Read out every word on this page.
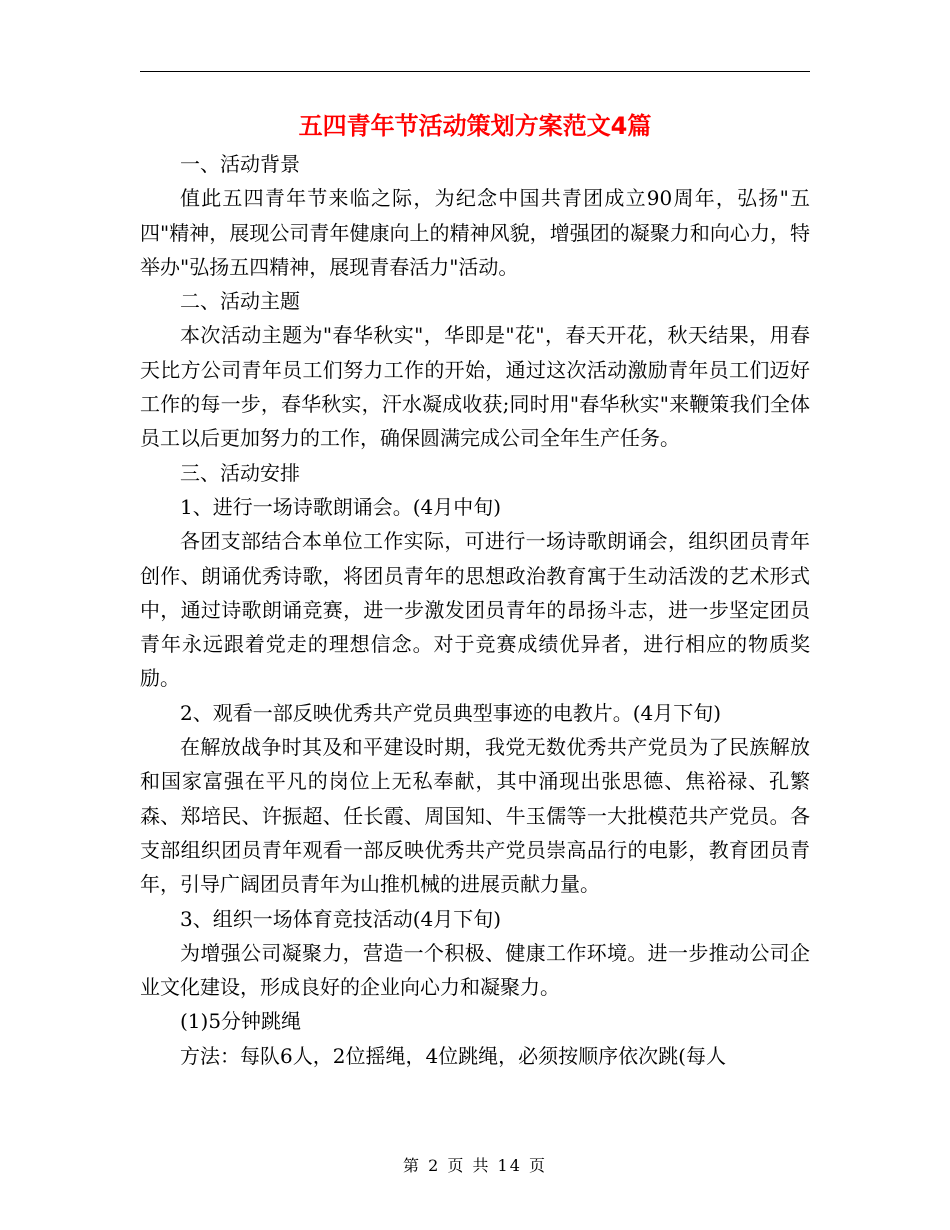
五四青年节活动策划方案范文4篇

一、活动背景

值此五四青年节来临之际，为纪念中国共青团成立90周年，弘扬"五四"精神，展现公司青年健康向上的精神风貌，增强团的凝聚力和向心力，特举办"弘扬五四精神，展现青春活力"活动。

二、活动主题

本次活动主题为"春华秋实"，华即是"花"，春天开花，秋天结果，用春天比方公司青年员工们努力工作的开始，通过这次活动激励青年员工们迈好工作的每一步，春华秋实，汗水凝成收获;同时用"春华秋实"来鞭策我们全体员工以后更加努力的工作，确保圆满完成公司全年生产任务。

三、活动安排

1、进行一场诗歌朗诵会。(4月中旬)

各团支部结合本单位工作实际，可进行一场诗歌朗诵会，组织团员青年创作、朗诵优秀诗歌，将团员青年的思想政治教育寓于生动活泼的艺术形式中，通过诗歌朗诵竞赛，进一步激发团员青年的昂扬斗志，进一步坚定团员青年永远跟着党走的理想信念。对于竞赛成绩优异者，进行相应的物质奖励。

2、观看一部反映优秀共产党员典型事迹的电教片。(4月下旬)

在解放战争时其及和平建设时期，我党无数优秀共产党员为了民族解放和国家富强在平凡的岗位上无私奉献，其中涌现出张思德、焦裕禄、孔繁森、郑培民、许振超、任长霞、周国知、牛玉儒等一大批模范共产党员。各支部组织团员青年观看一部反映优秀共产党员崇高品行的电影，教育团员青年，引导广阔团员青年为山推机械的进展贡献力量。

3、组织一场体育竞技活动(4月下旬)

为增强公司凝聚力，营造一个积极、健康工作环境。进一步推动公司企业文化建设，形成良好的企业向心力和凝聚力。

(1)5分钟跳绳

方法：每队6人，2位摇绳，4位跳绳，必须按顺序依次跳(每人

第 2 页 共 14 页
